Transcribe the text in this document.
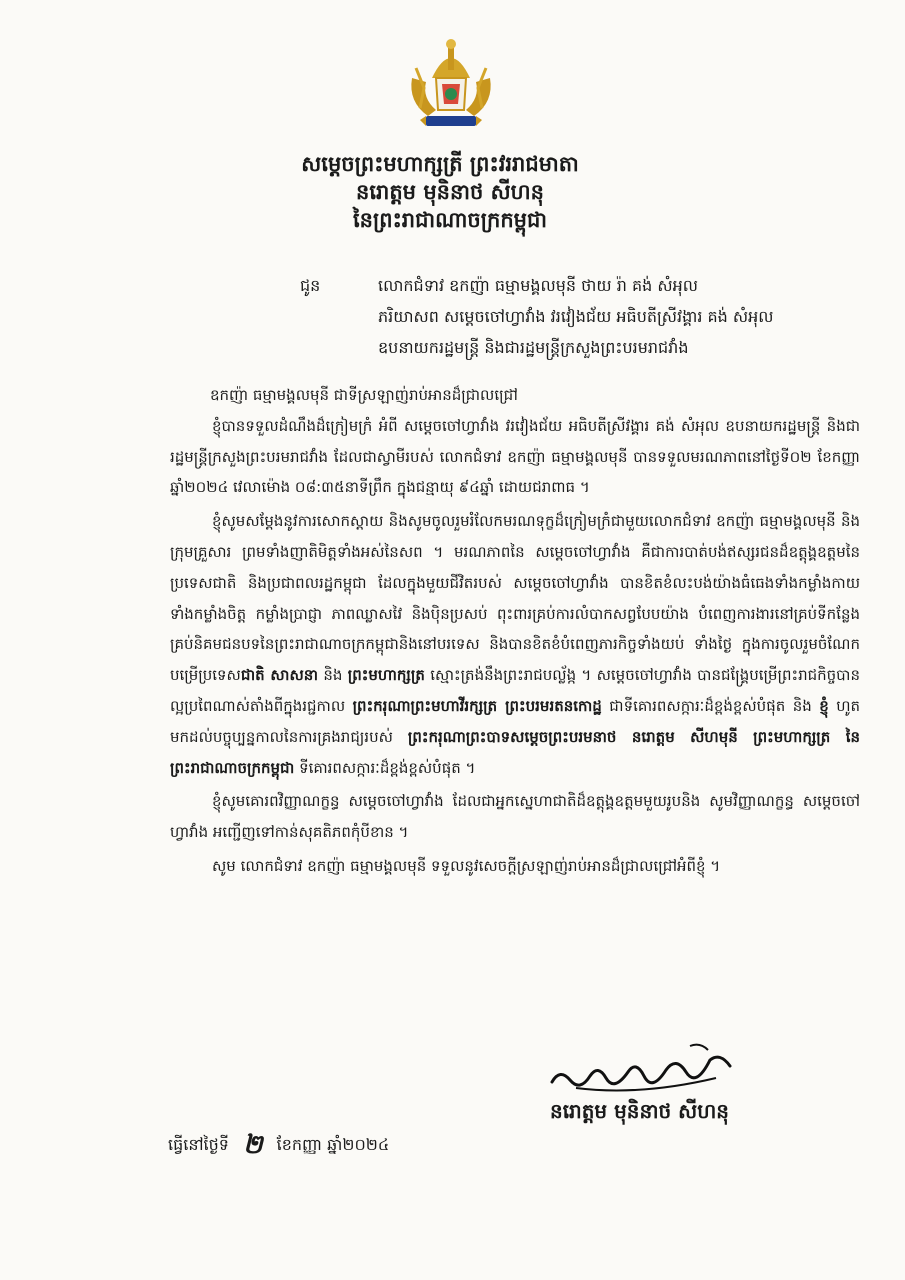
សម្តេចព្រះមហាក្សត្រី ព្រះវររាជមាតា
នរោត្តម មុនិនាថ សីហនុ
នៃព្រះរាជាណាចក្រកម្ពុជា
ជូន	លោកជំទាវ ឧកញ៉ា ធម្មាមង្គលមុនី ថាយ រ៉ា គង់ សំអុល
ភរិយាសព សម្តេចចៅហ្វាវាំង វរវៀងជ័យ អធិបតីស្រីវង្គារ គង់ សំអុល
ឧបនាយករដ្ឋមន្ត្រី និងជារដ្ឋមន្ត្រីក្រសួងព្រះបរមរាជវាំង

ឧកញ៉ា ធម្មាមង្គលមុនី ជាទីស្រឡាញ់រាប់អានដ៏ជ្រាលជ្រៅ

ខ្ញុំបានទទួលដំណឹងដ៏ក្រៀមក្រំ អំពី សម្តេចចៅហ្វាវាំង វរវៀងជ័យ អធិបតីស្រីវង្គារ គង់ សំអុល ឧបនាយករដ្ឋមន្ត្រី និងជារដ្ឋមន្ត្រីក្រសួងព្រះបរមរាជវាំង ដែលជាស្វាមីរបស់ លោកជំទាវ ឧកញ៉ា ធម្មាមង្គលមុនី បានទទួលមរណភាពនៅថ្ងៃទី០២ ខែកញ្ញា ឆ្នាំ២០២៤ វេលាម៉ោង ០៨:៣៥នាទីព្រឹក ក្នុងជន្មាយុ ៩៤ឆ្នាំ ដោយជរាពាធ ។

ខ្ញុំសូមសម្តែងនូវការសោកស្តាយ និងសូមចូលរួមរំលែកមរណទុក្ខដ៏ក្រៀមក្រំជាមួយលោកជំទាវ ឧកញ៉ា ធម្មាមង្គលមុនី និងក្រុមគ្រួសារ ព្រមទាំងញាតិមិត្តទាំងអស់នៃសព ។ មរណភាពនៃ សម្តេចចៅហ្វាវាំង គឺជាការបាត់បង់ឥស្សរជនដ៏ឧត្តុង្គឧត្តមនៃប្រទេសជាតិ និងប្រជាពលរដ្ឋកម្ពុជា ដែលក្នុងមួយជីវិតរបស់ សម្តេចចៅហ្វាវាំង បានខិតខំលះបង់យ៉ាងធំធេងទាំងកម្លាំងកាយ ទាំងកម្លាំងចិត្ត កម្លាំងប្រាជ្ញា ភាពឈ្លាសវៃ និងប៉ិនប្រសប់ ពុះពារគ្រប់ការលំបាកសព្វបែបយ៉ាង បំពេញការងារនៅគ្រប់ទីកន្លែង គ្រប់និគមជនបទនៃព្រះរាជាណាចក្រកម្ពុជានិងនៅបរទេស និងបានខិតខំបំពេញភារកិច្ចទាំងយប់ ទាំងថ្ងៃ ក្នុងការចូលរួមចំណែកបម្រើប្រទេសជាតិ សាសនា និង ព្រះមហាក្សត្រ ស្មោះត្រង់នឹងព្រះរាជបល្ល័ង្ក ។ សម្តេចចៅហ្វាវាំង បានជង្គ្រែបម្រើព្រះរាជកិច្ចបានល្អប្រពៃណាស់តាំងពីក្នុងរជ្ជកាល ព្រះករុណាព្រះមហាវីរក្សត្រ ព្រះបរមរតនកោដ្ឋ ជាទីគោរពសក្ការៈដ៏ខ្ពង់ខ្ពស់បំផុត និង ខ្ញុំ ហូតមកដល់បច្ចុប្បន្នកាលនៃការគ្រងរាជ្យរបស់ ព្រះករុណាព្រះបាទសម្តេចព្រះបរមនាថ នរោត្តម សីហមុនី ព្រះមហាក្សត្រ នៃព្រះរាជាណាចក្រកម្ពុជា ទីគោរពសក្ការៈដ៏ខ្ពង់ខ្ពស់បំផុត ។

ខ្ញុំសូមគោរពវិញ្ញាណក្ខន្ធ សម្តេចចៅហ្វាវាំង ដែលជាអ្នកស្នេហាជាតិដ៏ឧត្តុង្គឧត្តមមួយរូបនិង សូមវិញ្ញាណក្ខន្ធ សម្តេចចៅហ្វាវាំង អញ្ជើញទៅកាន់សុគតិភពកុំបីខាន ។

សូម លោកជំទាវ ឧកញ៉ា ធម្មាមង្គលមុនី ទទួលនូវសេចក្តីស្រឡាញ់រាប់អានដ៏ជ្រាលជ្រៅអំពីខ្ញុំ ។

នរោត្តម មុនិនាថ សីហនុ
ធ្វើនៅថ្ងៃទី ២ ខែកញ្ញា ឆ្នាំ២០២៤
